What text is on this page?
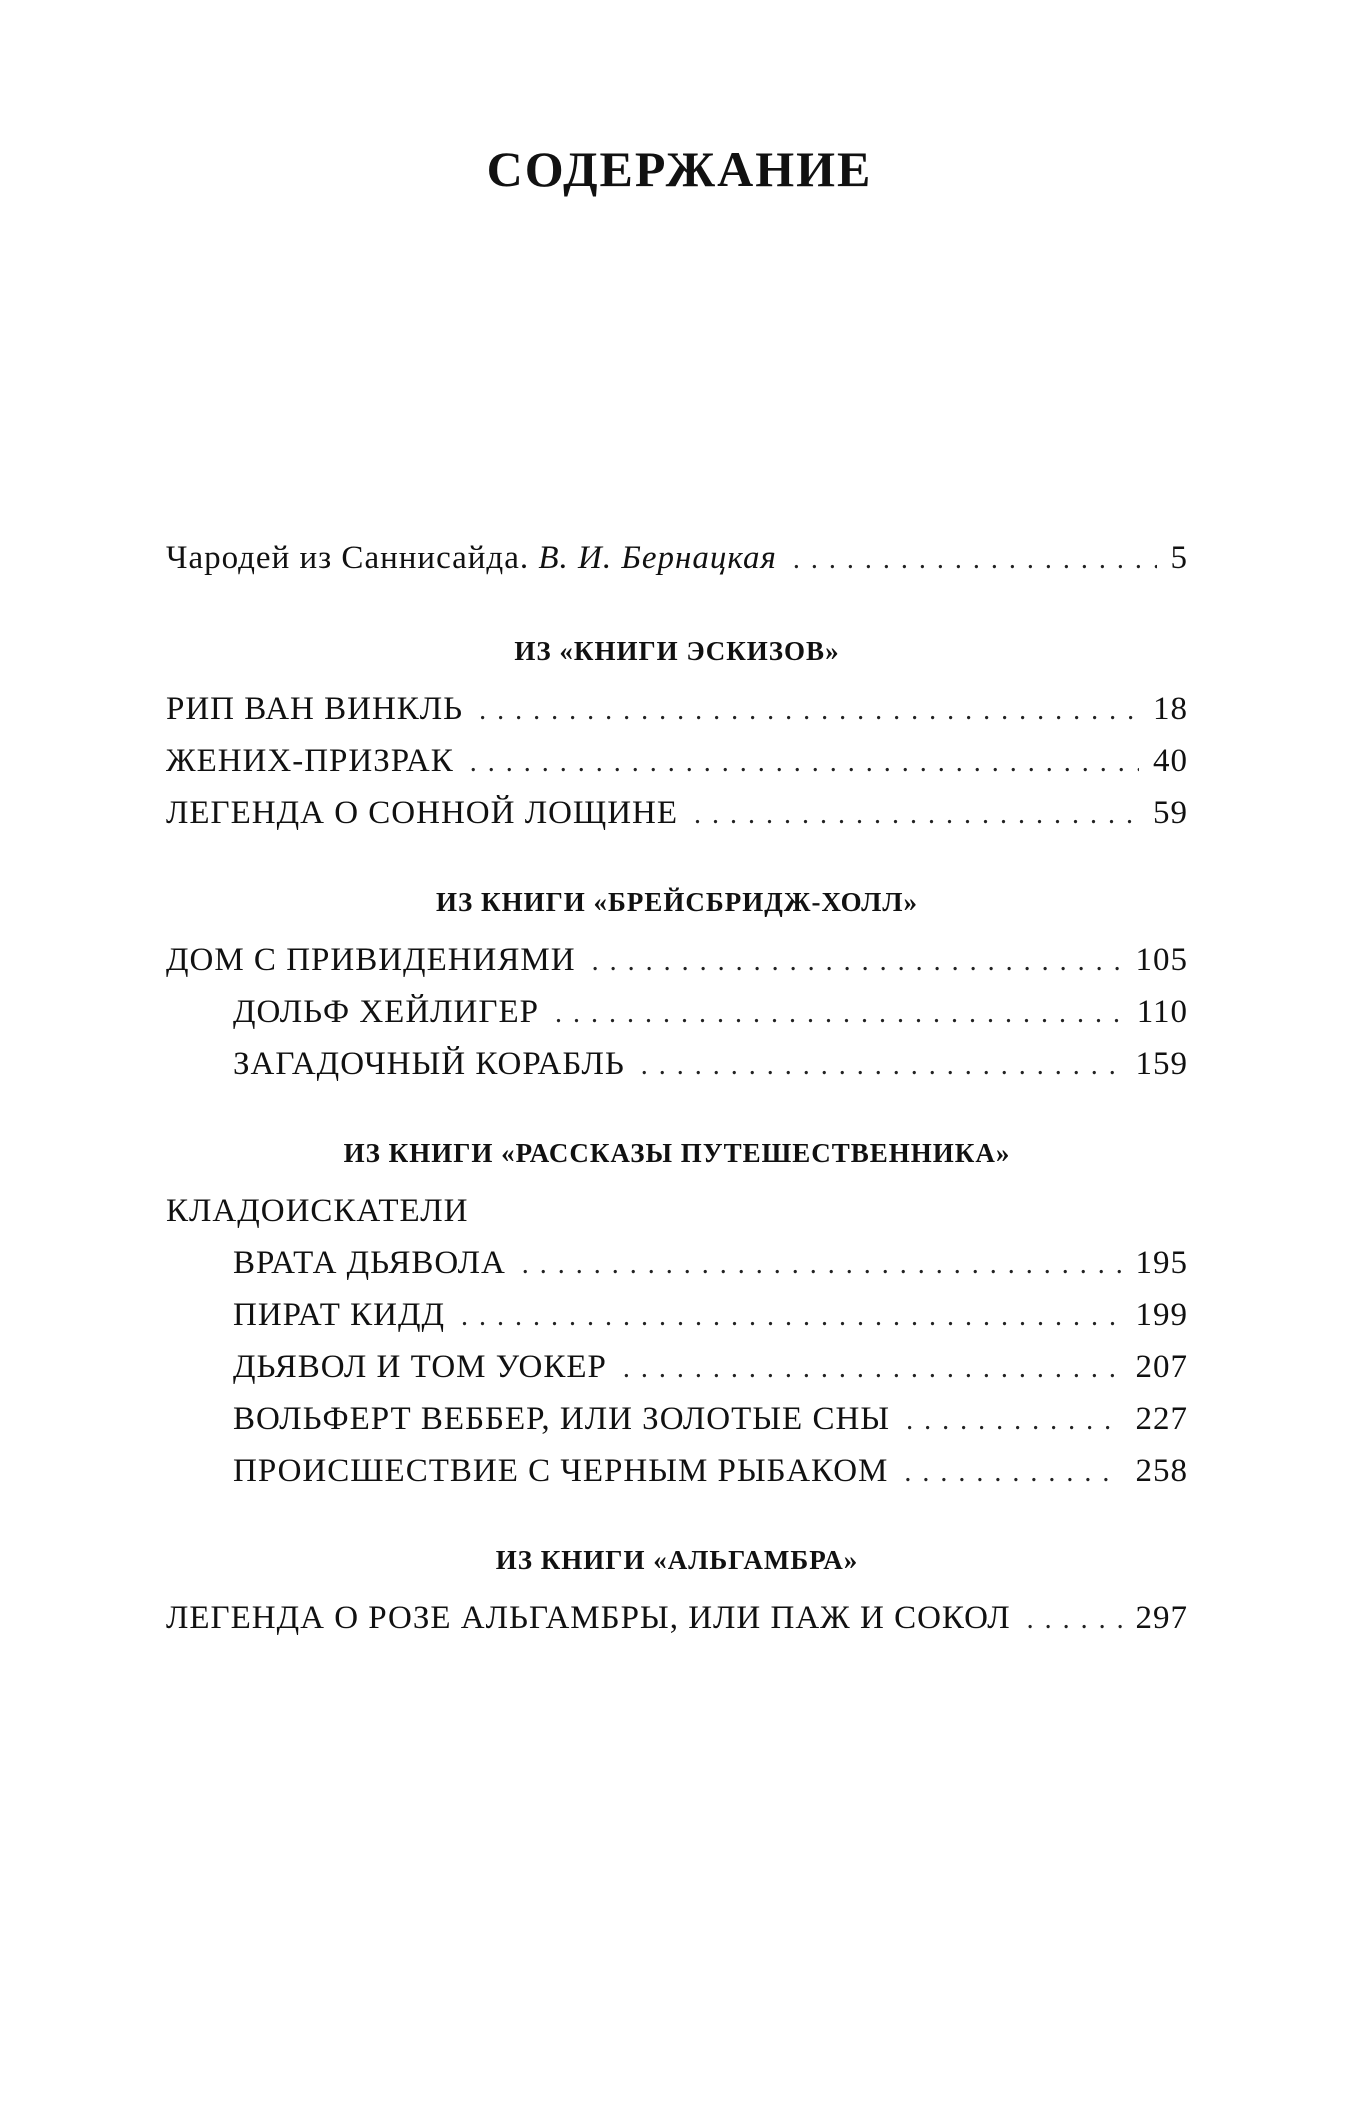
СОДЕРЖАНИЕ
Чародей из Саннисайда. В. И. Бернацкая . . .	5
ИЗ «КНИГИ ЭСКИЗОВ»
РИП ВАН ВИНКЛЬ . . .	18
ЖЕНИХ-ПРИЗРАК . . .	40
ЛЕГЕНДА О СОННОЙ ЛОЩИНЕ . . .	59
ИЗ КНИГИ «БРЕЙСБРИДЖ-ХОЛЛ»
ДОМ С ПРИВИДЕНИЯМИ . . .	105
ДОЛЬФ ХЕЙЛИГЕР . . .	110
ЗАГАДОЧНЫЙ КОРАБЛЬ . . .	159
ИЗ КНИГИ «РАССКАЗЫ ПУТЕШЕСТВЕННИКА»
КЛАДОИСКАТЕЛИ
ВРАТА ДЬЯВОЛА . . .	195
ПИРАТ КИДД . . .	199
ДЬЯВОЛ И ТОМ УОКЕР . . .	207
ВОЛЬФЕРТ ВЕББЕР, ИЛИ ЗОЛОТЫЕ СНЫ . . .	227
ПРОИСШЕСТВИЕ С ЧЕРНЫМ РЫБАКОМ . . .	258
ИЗ КНИГИ «АЛЬГАМБРА»
ЛЕГЕНДА О РОЗЕ АЛЬГАМБРЫ, ИЛИ ПАЖ И СОКОЛ . . .	297
